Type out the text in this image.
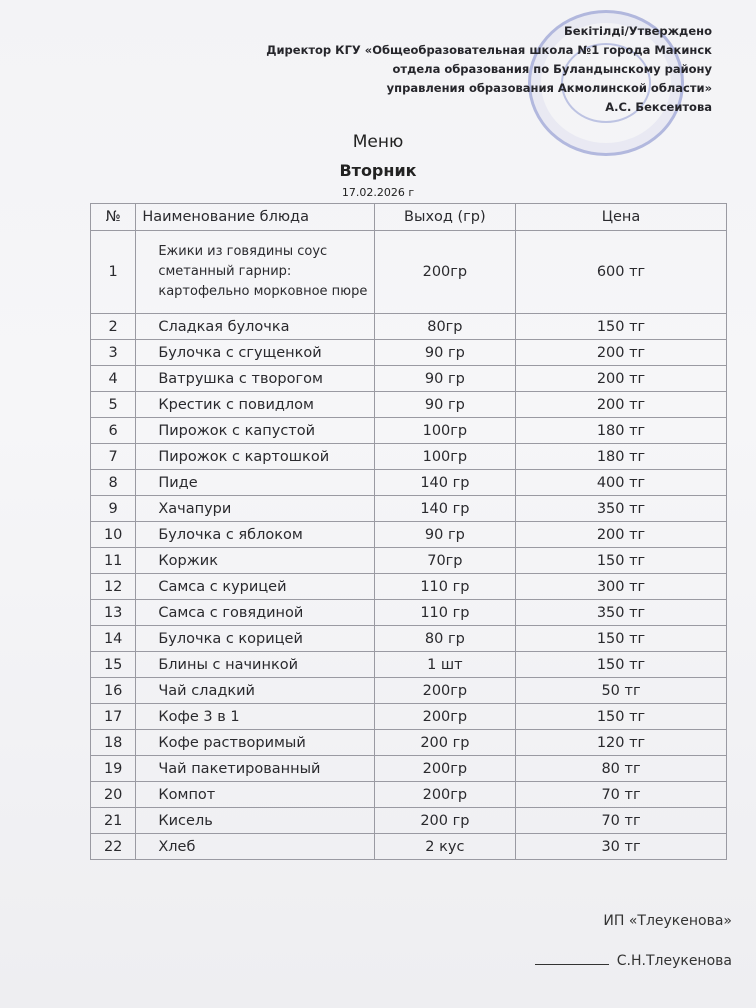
Бекітілді/Утверждено
Директор КГУ «Общеобразовательная школа №1 города Макинск
отдела образования по Буландынскому району
управления образования Акмолинской области»
А.С. Бексеитова
Меню
Вторник
17.02.2026 г
№	Наименование блюда	Выход (гр)	Цена
1	Ежики из говядины соус сметанный гарнир: картофельно морковное пюре	200гр	600 тг
2	Сладкая булочка	80гр	150 тг
3	Булочка с сгущенкой	90 гр	200 тг
4	Ватрушка с творогом	90 гр	200 тг
5	Крестик с повидлом	90 гр	200 тг
6	Пирожок с капустой	100гр	180 тг
7	Пирожок с картошкой	100гр	180 тг
8	Пиде	140 гр	400 тг
9	Хачапури	140 гр	350 тг
10	Булочка с яблоком	90 гр	200 тг
11	Коржик	70гр	150 тг
12	Самса с курицей	110 гр	300 тг
13	Самса с говядиной	110 гр	350 тг
14	Булочка с корицей	80 гр	150 тг
15	Блины с начинкой	1 шт	150 тг
16	Чай сладкий	200гр	50 тг
17	Кофе 3 в 1	200гр	150 тг
18	Кофе растворимый	200 гр	120 тг
19	Чай пакетированный	200гр	80 тг
20	Компот	200гр	70 тг
21	Кисель	200 гр	70 тг
22	Хлеб	2 кус	30 тг
ИП «Тлеукенова»
С.Н.Тлеукенова
